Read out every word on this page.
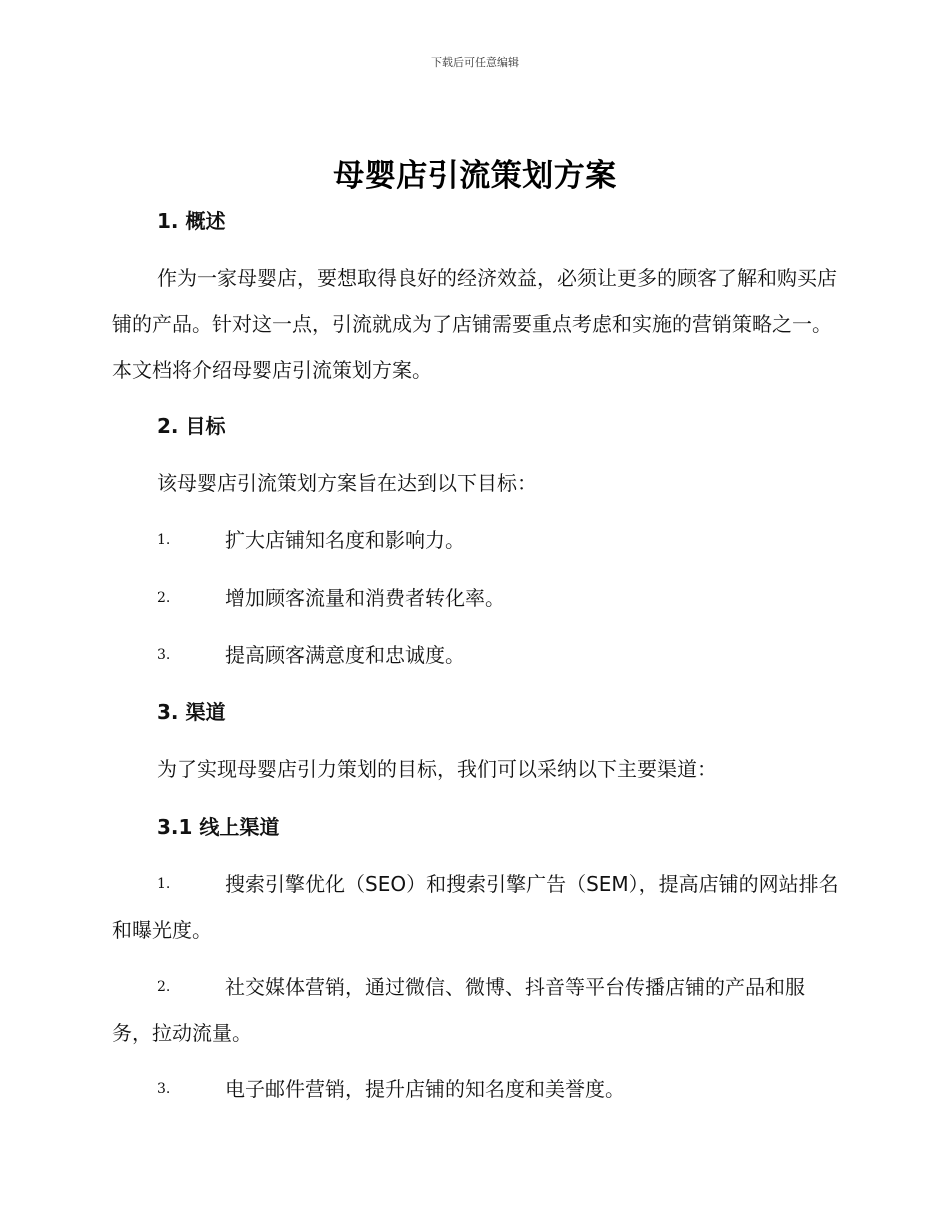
下载后可任意编辑
母婴店引流策划方案
1. 概述
作为一家母婴店，要想取得良好的经济效益，必须让更多的顾客了解和购买店铺的产品。针对这一点，引流就成为了店铺需要重点考虑和实施的营销策略之一。本文档将介绍母婴店引流策划方案。
2. 目标
该母婴店引流策划方案旨在达到以下目标：
1.	扩大店铺知名度和影响力。
2.	增加顾客流量和消费者转化率。
3.	提高顾客满意度和忠诚度。
3. 渠道
为了实现母婴店引力策划的目标，我们可以采纳以下主要渠道：
3.1 线上渠道
1.	搜索引擎优化（SEO）和搜索引擎广告（SEM），提高店铺的网站排名和曝光度。
2.	社交媒体营销，通过微信、微博、抖音等平台传播店铺的产品和服务，拉动流量。
3.	电子邮件营销，提升店铺的知名度和美誉度。
